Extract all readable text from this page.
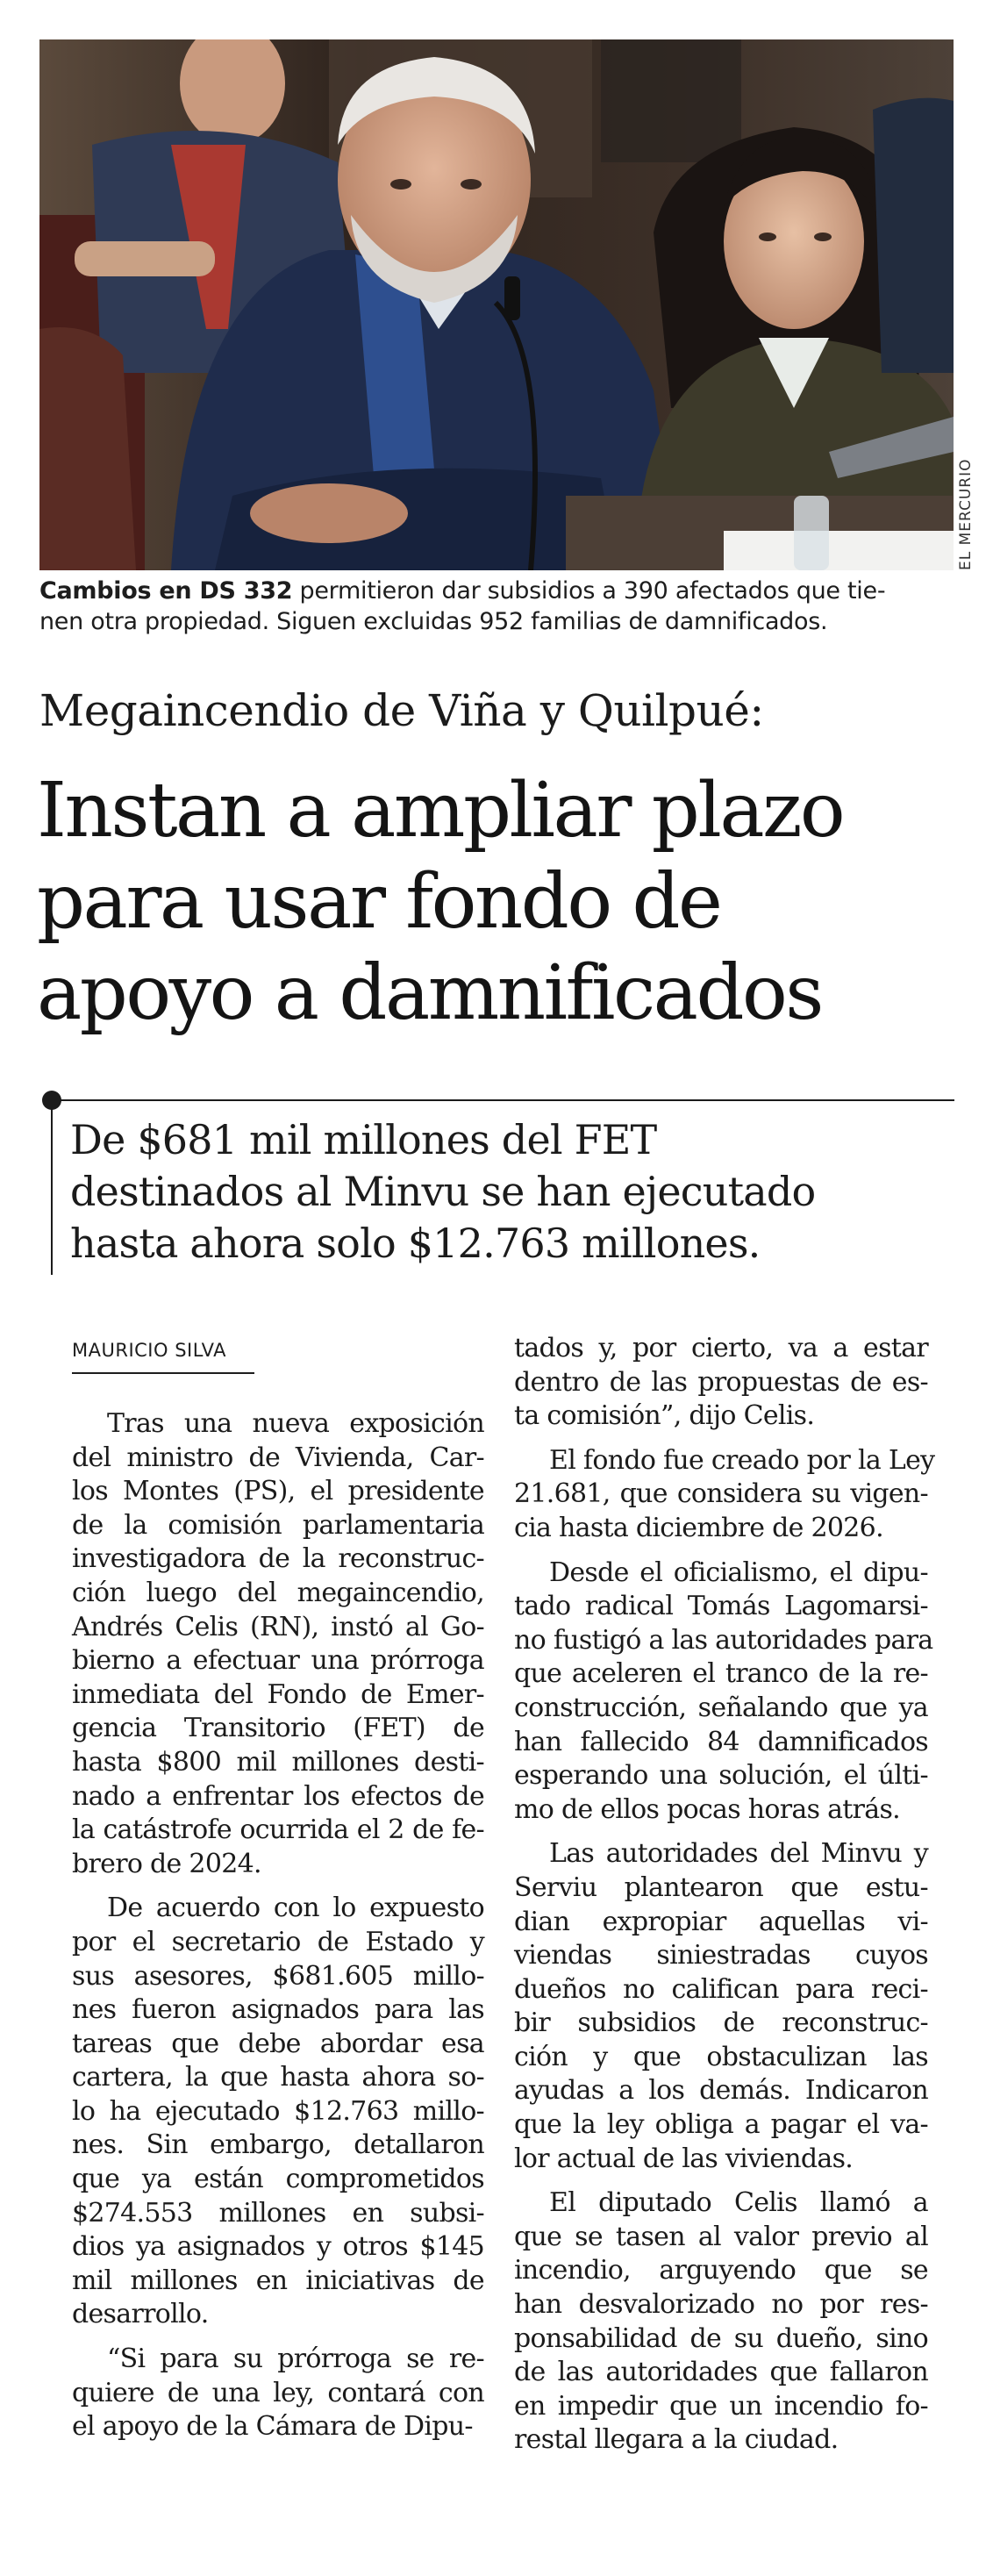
EL MERCURIO
Cambios en DS 332 permitieron dar subsidios a 390 afectados que tie-
nen otra propiedad. Siguen excluidas 952 familias de damnificados.
Megaincendio de Viña y Quilpué:
Instan a ampliar plazo
para usar fondo de
apoyo a damnificados
De $681 mil millones del FET
destinados al Minvu se han ejecutado
hasta ahora solo $12.763 millones.
MAURICIO SILVA

Tras una nueva exposición
del ministro de Vivienda, Car-
los Montes (PS), el presidente
de la comisión parlamentaria
investigadora de la reconstruc-
ción luego del megaincendio,
Andrés Celis (RN), instó al Go-
bierno a efectuar una prórroga
inmediata del Fondo de Emer-
gencia Transitorio (FET) de
hasta $800 mil millones desti-
nado a enfrentar los efectos de
la catástrofe ocurrida el 2 de fe-
brero de 2024.

De acuerdo con lo expuesto
por el secretario de Estado y
sus asesores, $681.605 millo-
nes fueron asignados para las
tareas que debe abordar esa
cartera, la que hasta ahora so-
lo ha ejecutado $12.763 millo-
nes. Sin embargo, detallaron
que ya están comprometidos
$274.553 millones en subsi-
dios ya asignados y otros $145
mil millones en iniciativas de
desarrollo.

“Si para su prórroga se re-
quiere de una ley, contará con
el apoyo de la Cámara de Dipu-

tados y, por cierto, va a estar
dentro de las propuestas de es-
ta comisión”, dijo Celis.

El fondo fue creado por la Ley
21.681, que considera su vigen-
cia hasta diciembre de 2026.

Desde el oficialismo, el dipu-
tado radical Tomás Lagomarsi-
no fustigó a las autoridades para
que aceleren el tranco de la re-
construcción, señalando que ya
han fallecido 84 damnificados
esperando una solución, el últi-
mo de ellos pocas horas atrás.

Las autoridades del Minvu y
Serviu plantearon que estu-
dian expropiar aquellas vi-
viendas siniestradas cuyos
dueños no califican para reci-
bir subsidios de reconstruc-
ción y que obstaculizan las
ayudas a los demás. Indicaron
que la ley obliga a pagar el va-
lor actual de las viviendas.

El diputado Celis llamó a
que se tasen al valor previo al
incendio, arguyendo que se
han desvalorizado no por res-
ponsabilidad de su dueño, sino
de las autoridades que fallaron
en impedir que un incendio fo-
restal llegara a la ciudad.
